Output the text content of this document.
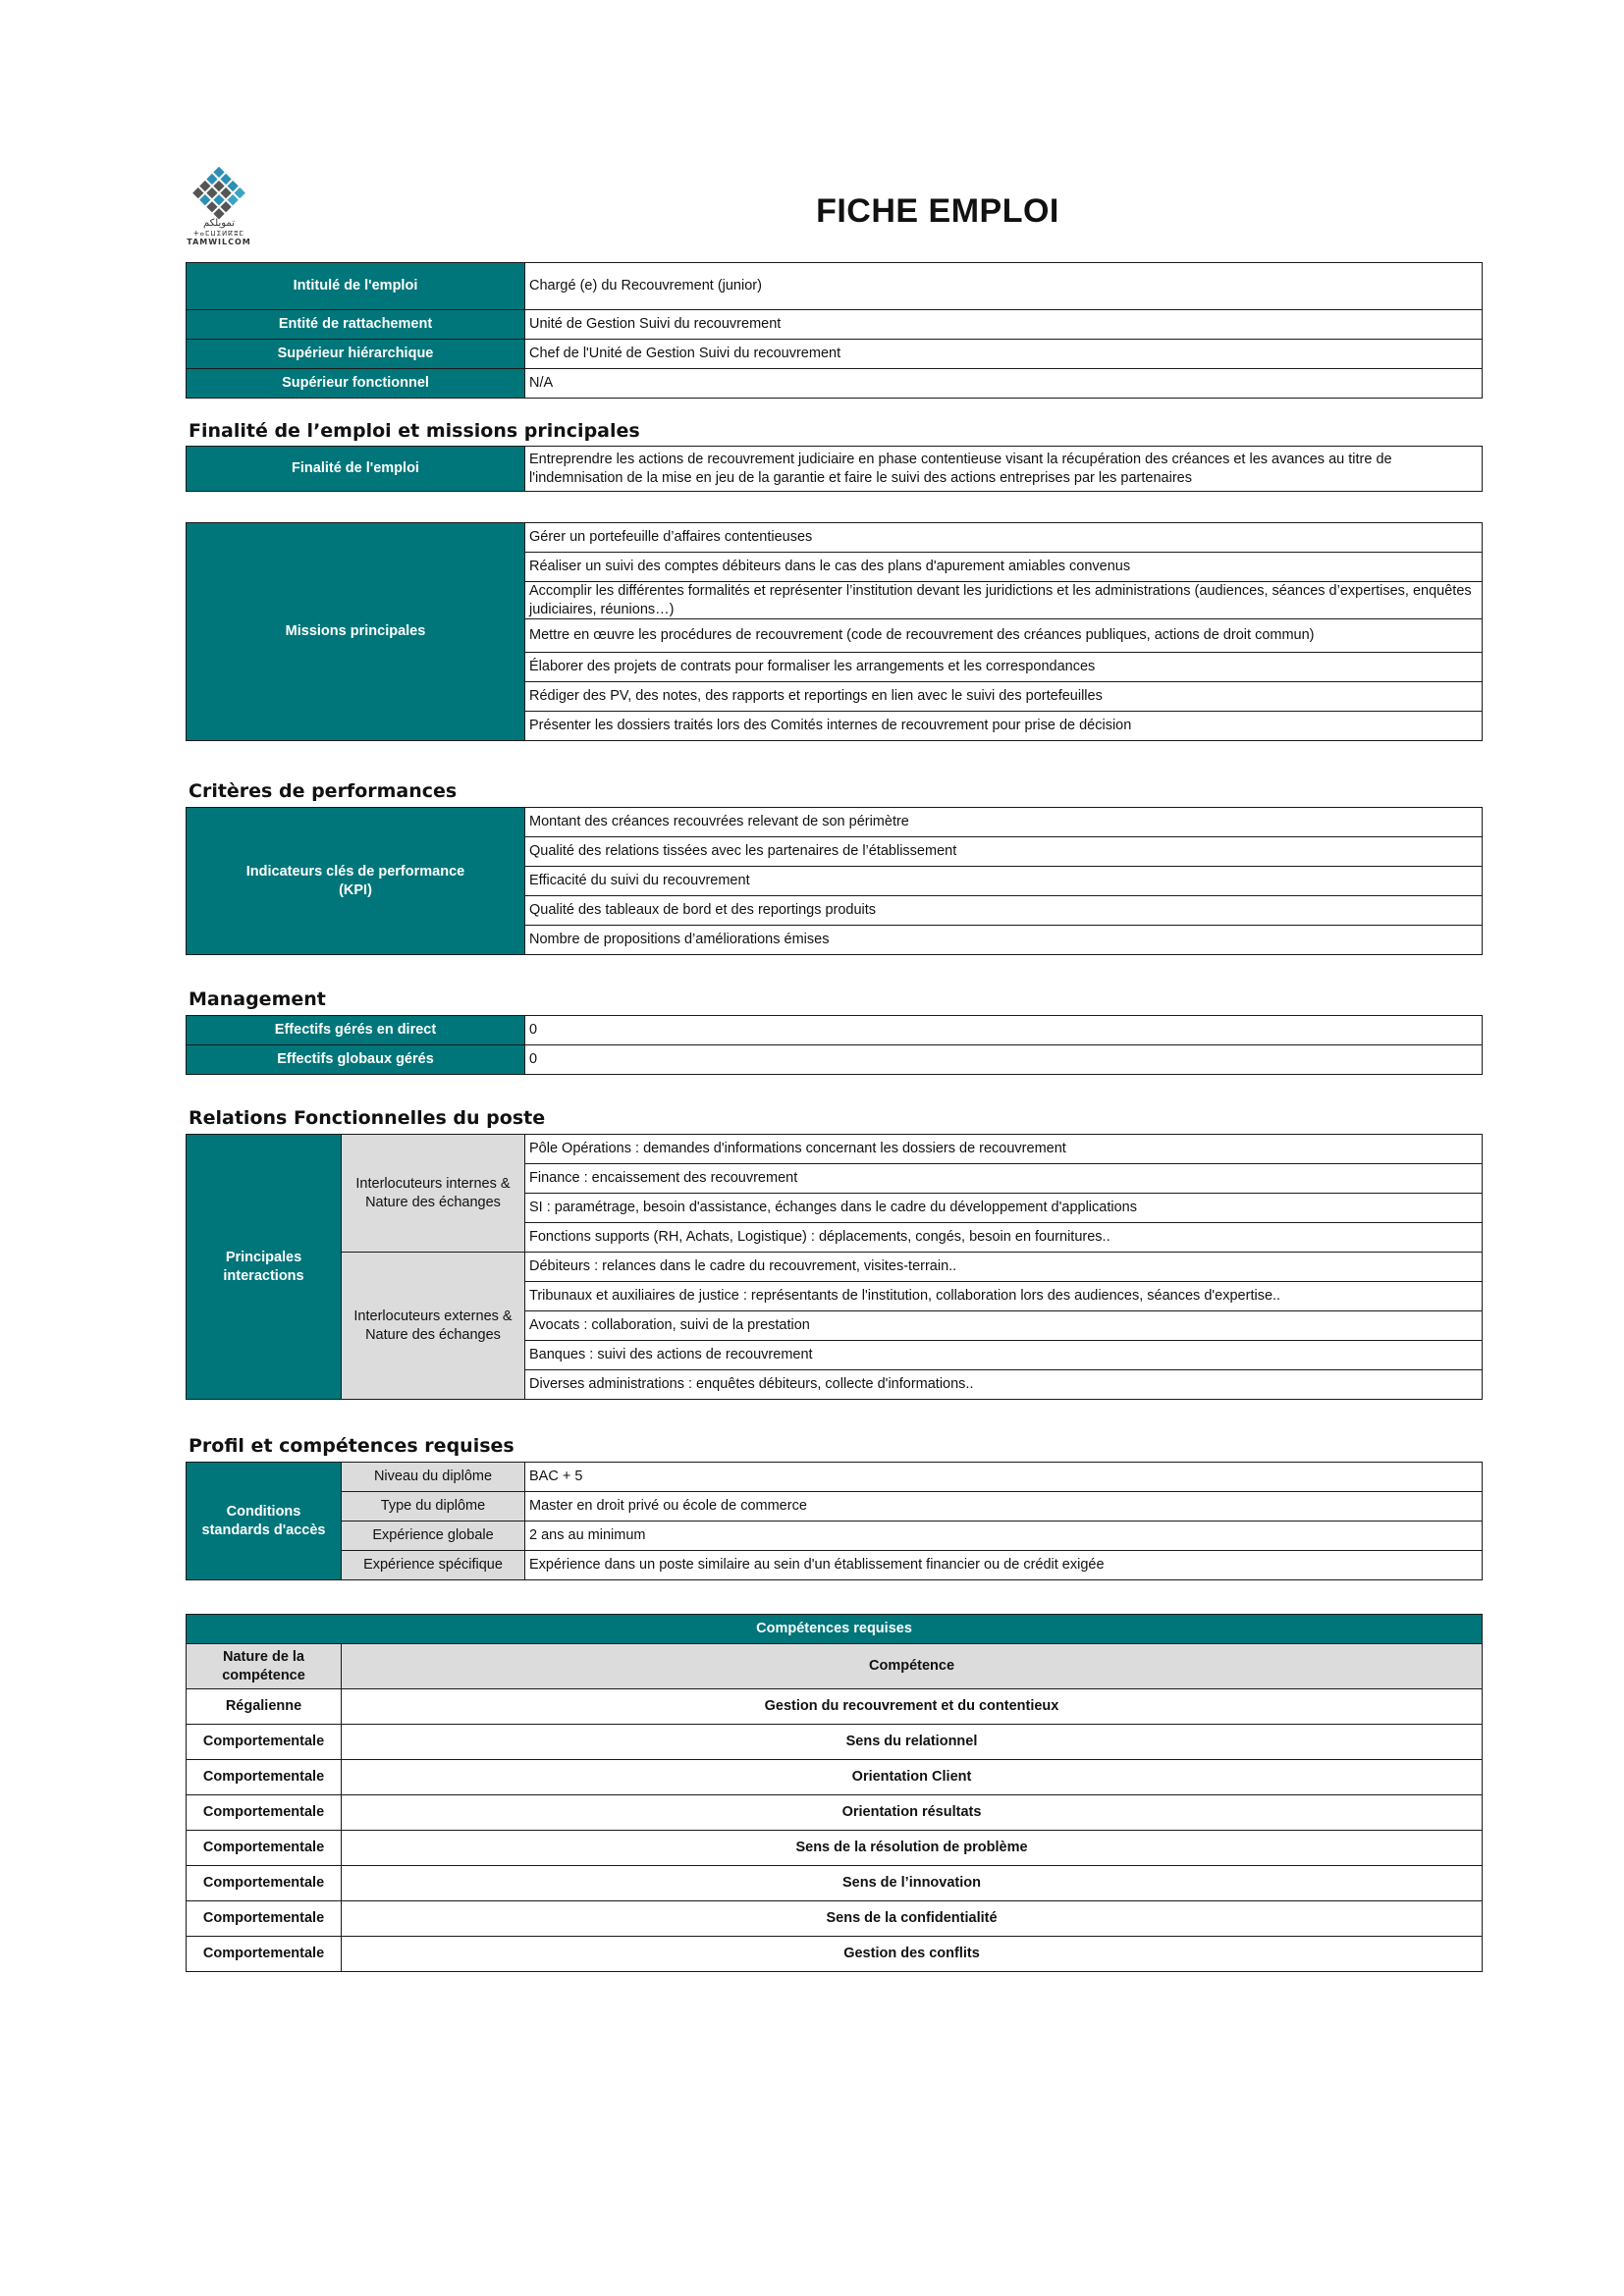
تمويلكم
ⵜⴰⵎⵡⵉⵍⴽⵓⵎ
TAMWILCOM
FICHE EMPLOI
Intitulé de l'emploi	Chargé (e) du Recouvrement (junior)
Entité de rattachement	Unité de Gestion Suivi du recouvrement
Supérieur hiérarchique	Chef de l'Unité de Gestion Suivi du recouvrement
Supérieur fonctionnel	N/A
Finalité de l’emploi et missions principales
Finalité de l'emploi	Entreprendre les actions de recouvrement judiciaire en phase contentieuse visant la récupération des créances et les avances au titre de l'indemnisation de la mise en jeu de la garantie et faire le suivi des actions entreprises par les partenaires
Missions principales	Gérer un portefeuille d’affaires contentieuses
Réaliser un suivi des comptes débiteurs dans le cas des plans d'apurement amiables convenus
Accomplir les différentes formalités et représenter l’institution devant les juridictions et les administrations (audiences, séances d’expertises, enquêtes judiciaires, réunions…)
Mettre en œuvre les procédures de recouvrement (code de recouvrement des créances publiques, actions de droit commun)
Élaborer des projets de contrats pour formaliser les arrangements et les correspondances
Rédiger des PV, des notes, des rapports et reportings en lien avec le suivi des portefeuilles
Présenter les dossiers traités lors des Comités internes de recouvrement pour prise de décision
Critères de performances
Indicateurs clés de performance
(KPI)
	Montant des créances recouvrées relevant de son périmètre
Qualité des relations tissées avec les partenaires de l’établissement
Efficacité du suivi du recouvrement
Qualité des tableaux de bord et des reportings produits
Nombre de propositions d’améliorations émises
Management
Effectifs gérés en direct	0
Effectifs globaux gérés	0
Relations Fonctionnelles du poste
Principales interactions	Interlocuteurs internes & Nature des échanges	Pôle Opérations : demandes d'informations concernant les dossiers de recouvrement
		Finance : encaissement des recouvrement
		SI : paramétrage, besoin d'assistance, échanges dans le cadre du développement d'applications
		Fonctions supports (RH, Achats, Logistique) : déplacements, congés, besoin en fournitures..
	Interlocuteurs externes & Nature des échanges	Débiteurs : relances dans le cadre du recouvrement, visites-terrain..
		Tribunaux et auxiliaires de justice : représentants de l'institution, collaboration lors des audiences, séances d'expertise..
		Avocats : collaboration, suivi de la prestation
		Banques : suivi des actions de recouvrement
		Diverses administrations : enquêtes débiteurs, collecte d'informations..
Profil et compétences requises
Conditions standards d'accès	Niveau du diplôme	BAC + 5
	Type du diplôme	Master en droit privé ou école de commerce
	Expérience globale	2 ans au minimum
	Expérience spécifique	Expérience dans un poste similaire au sein d'un établissement financier ou de crédit exigée
Compétences requises	
Nature de la compétence	Compétence
Régalienne	Gestion du recouvrement et du contentieux
Comportementale	Sens du relationnel
Comportementale	Orientation Client
Comportementale	Orientation résultats
Comportementale	Sens de la résolution de problème
Comportementale	Sens de l’innovation
Comportementale	Sens de la confidentialité
Comportementale	Gestion des conflits
